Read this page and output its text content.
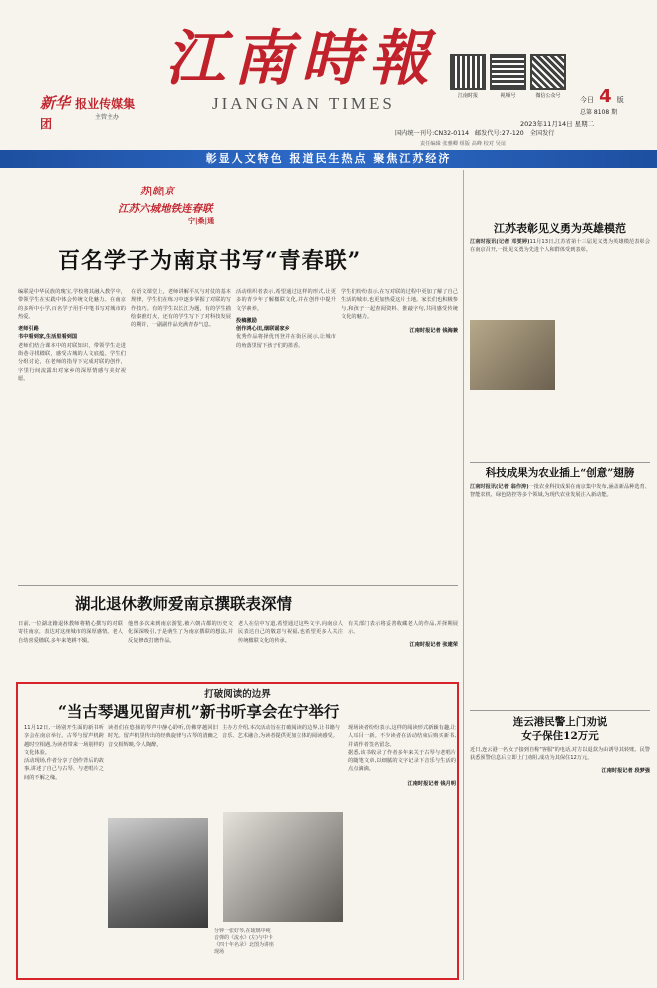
新华 报业传媒集团	主管主办
江南時報
JIANGNAN TIMES	江南时报	视频号	微信公众号	今日 4 版
总第 8108 期
2023年11月14日 星期二
国内统一刊号:CN32-0114 邮发代号:27-120 全国发行
责任编辑 张雅卿 组版 高峰 校对 吴谊
彰显人文特色 报道民生热点 聚焦江苏经济
苏|皖|京
江苏六城地铁连春联
宁|桑|通
百名学子为南京书写“青春联”

编联是中华民族的瑰宝,学校将其融入教学中，带领学生在实践中体会传统文化魅力。在南京的多所中小学,百名学子用手中笔书写对城市的热爱。

老师引路
书中看到家,生活里看到国

老师们结合课本中的对联知识，带领学生走进街巷寻找楹联，感受古城的人文底蕴。学生们分组讨论，在老师的指导下完成对联的创作，字里行间流露出对家乡的深厚情感与美好祝愿。

在语文课堂上，老师讲解平仄与对仗的基本规律，学生们在练习中逐步掌握了对联的写作技巧。有的学生以长江为题，有的学生描绘秦淮灯火，还有的学生写下了对科技发展的期许，一副副作品充满青春气息。

活动组织者表示,希望通过这样的形式,让更多的青少年了解楹联文化,并在创作中提升文学素养。

投稿激励
创作鸿心田,烟联谣家乡

优秀作品将择优刊登并在街区展示,让城市的角落里留下孩子们的墨香。

学生们纷纷表示,在写对联的过程中更加了解了自己生活的城市,也更加热爱这片土地。家长们也积极参与,和孩子一起查阅资料、推敲字句,共同感受传统文化的魅力。

江南时报记者 钱海兼
湖北退休教师爱南京撰联表深情

日前,一位湖北籍退休教师将精心撰写的对联寄往南京，表达对这座城市的深厚感情。老人自幼喜爱楹联,多年来笔耕不辍。

他曾多次来到南京游览,被六朝古都的历史文化深深吸引,于是萌生了为南京撰联的想法,并反复修改打磨作品。

老人在信中写道,希望通过这些文字,向南京人民表达自己的敬意与祝福,也希望更多人关注传统楹联文化的传承。

有关部门表示将妥善收藏老人的作品,并择期展示。

江南时报记者 张建荣
打破阅读的边界
“当古琴遇见留声机”新书听享会在宁举行

11月12日,一场别开生面的新书听享会在南京举行。古琴与留声机跨越时空相遇,为读者带来一场别样的文化体验。

活动现场,作者分享了创作背后的故事,讲述了自己与古琴、与老唱片之间的不解之缘。

读者们在悠扬的琴声中静心聆听,仿佛穿越回旧时光。留声机里传出的经典旋律与古琴的清幽之音交相辉映,令人陶醉。

主办方介绍,本次活动旨在打破阅读的边界,让书籍与音乐、艺术融合,为读者提供更加立体的阅读感受。

分钟一张好琴,在琉璃中纯音弹的《流水》(左)与中卡《四十年名录》北图为讲座现场

现场读者纷纷表示,这样的阅读形式新颖有趣,让人耳目一新。不少读者在活动结束后购买新书,并请作者签名留念。

据悉,该书收录了作者多年来关于古琴与老唱片的随笔文章,以细腻的文字记录下音乐与生活的点点滴滴。

江南时报记者 钱月明
江苏表彰见义勇为英雄模范

江南时报讯(记者 邓雯婷)11月13日,江苏省第十三届见义勇为英雄模范表彰会在南京召开,一批见义勇为先进个人和群体受到表彰。

科技成果为农业插上“创意”翅膀

江南时报讯(记者 翁作涛)一批农业科技成果在南京集中发布,涵盖新品种选育、智能农机、绿色防控等多个领域,为现代农业发展注入新动能。

连云港民警上门劝说
女子保住12万元

近日,连云港一名女子接到自称"客服"的电话,对方以退款为由诱导其转账。民警获悉预警信息后立即上门劝阻,成功为其保住12万元。

江南时报记者 段梦强
